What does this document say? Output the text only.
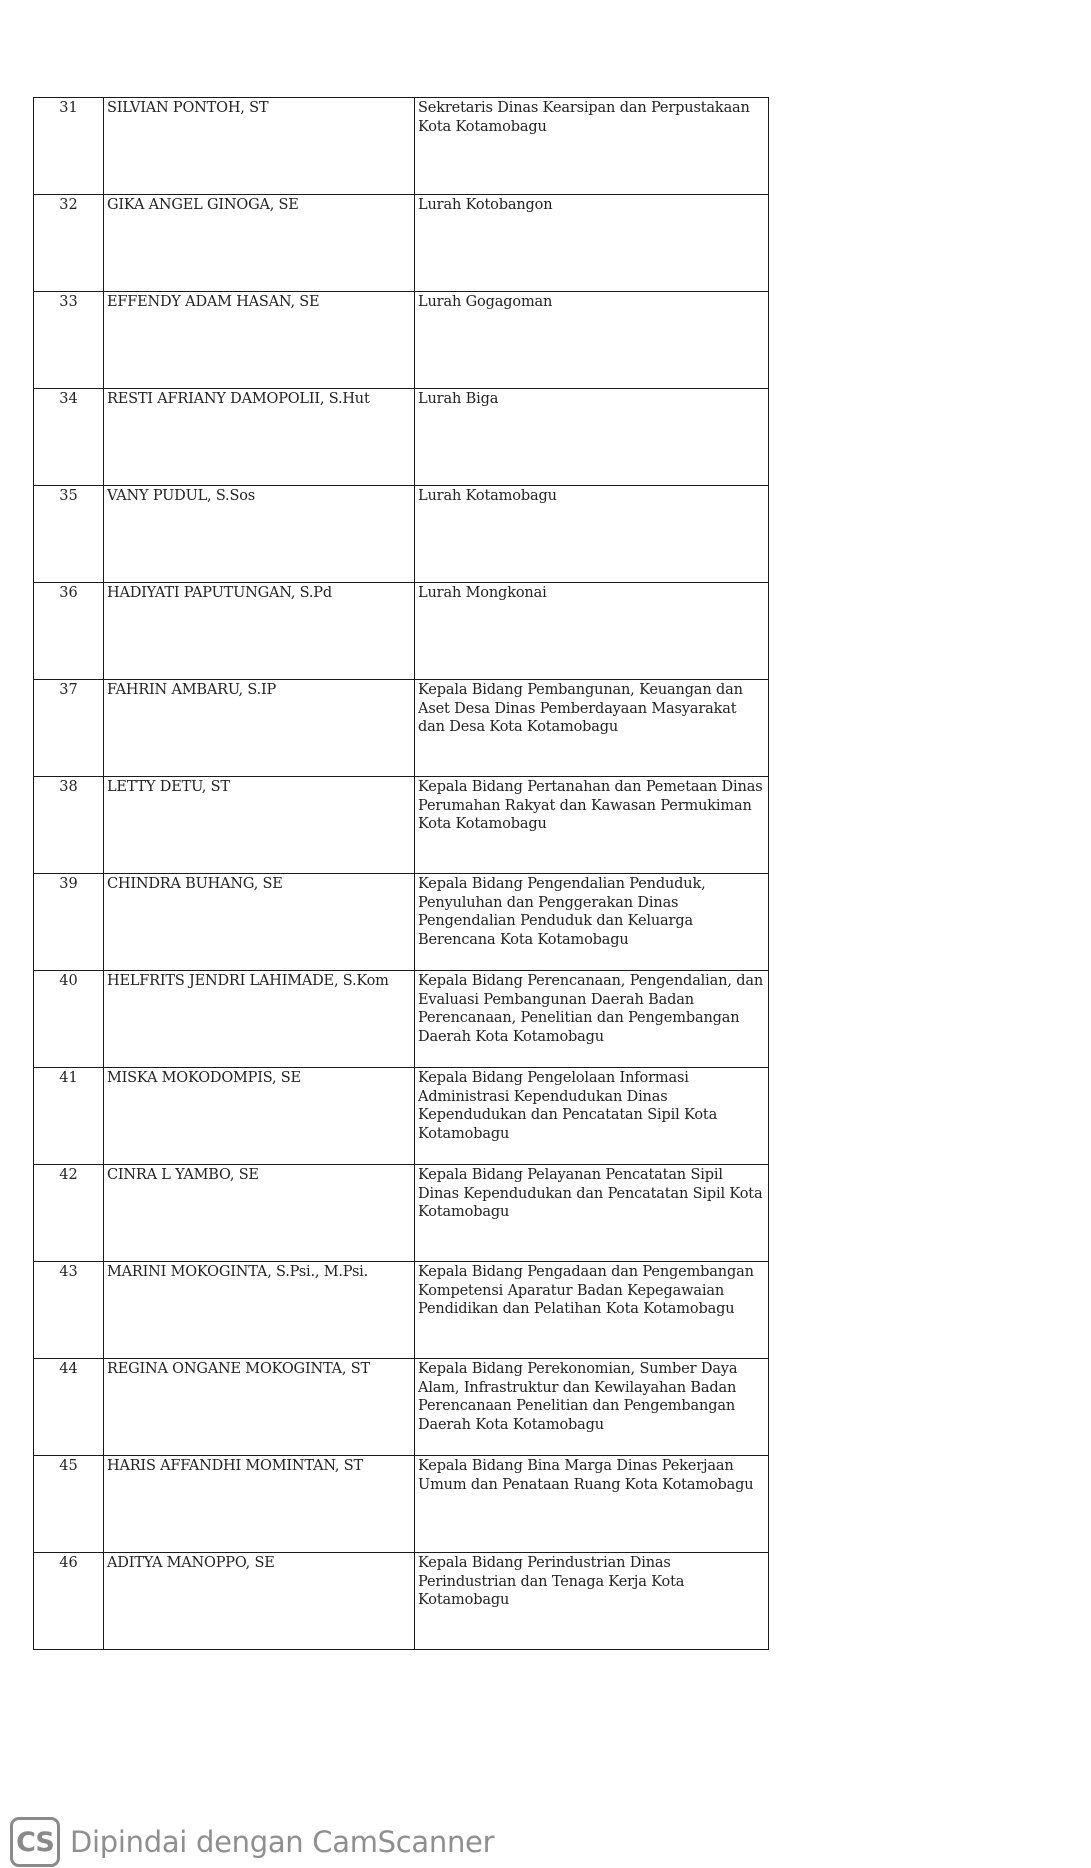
31	SILVIAN PONTOH, ST	Sekretaris Dinas Kearsipan dan Perpustakaan Kota Kotamobagu
32	GIKA ANGEL GINOGA, SE	Lurah Kotobangon
33	EFFENDY ADAM HASAN, SE	Lurah Gogagoman
34	RESTI AFRIANY DAMOPOLII, S.Hut	Lurah Biga
35	VANY PUDUL, S.Sos	Lurah Kotamobagu
36	HADIYATI PAPUTUNGAN, S.Pd	Lurah Mongkonai
37	FAHRIN AMBARU, S.IP	Kepala Bidang Pembangunan, Keuangan dan Aset Desa Dinas Pemberdayaan Masyarakat dan Desa Kota Kotamobagu
38	LETTY DETU, ST	Kepala Bidang Pertanahan dan Pemetaan Dinas Perumahan Rakyat dan Kawasan Permukiman Kota Kotamobagu
39	CHINDRA BUHANG, SE	Kepala Bidang Pengendalian Penduduk, Penyuluhan dan Penggerakan Dinas Pengendalian Penduduk dan Keluarga Berencana Kota Kotamobagu
40	HELFRITS JENDRI LAHIMADE, S.Kom	Kepala Bidang Perencanaan, Pengendalian, dan Evaluasi Pembangunan Daerah Badan Perencanaan, Penelitian dan Pengembangan Daerah Kota Kotamobagu
41	MISKA MOKODOMPIS, SE	Kepala Bidang Pengelolaan Informasi Administrasi Kependudukan Dinas Kependudukan dan Pencatatan Sipil Kota Kotamobagu
42	CINRA L YAMBO, SE	Kepala Bidang Pelayanan Pencatatan Sipil Dinas Kependudukan dan Pencatatan Sipil Kota Kotamobagu
43	MARINI MOKOGINTA, S.Psi., M.Psi.	Kepala Bidang Pengadaan dan Pengembangan Kompetensi Aparatur Badan Kepegawaian Pendidikan dan Pelatihan Kota Kotamobagu
44	REGINA ONGANE MOKOGINTA, ST	Kepala Bidang Perekonomian, Sumber Daya Alam, Infrastruktur dan Kewilayahan Badan Perencanaan Penelitian dan Pengembangan Daerah Kota Kotamobagu
45	HARIS AFFANDHI MOMINTAN, ST	Kepala Bidang Bina Marga Dinas Pekerjaan Umum dan Penataan Ruang Kota Kotamobagu
46	ADITYA MANOPPO, SE	Kepala Bidang Perindustrian Dinas Perindustrian dan Tenaga Kerja Kota Kotamobagu
CS Dipindai dengan CamScanner
